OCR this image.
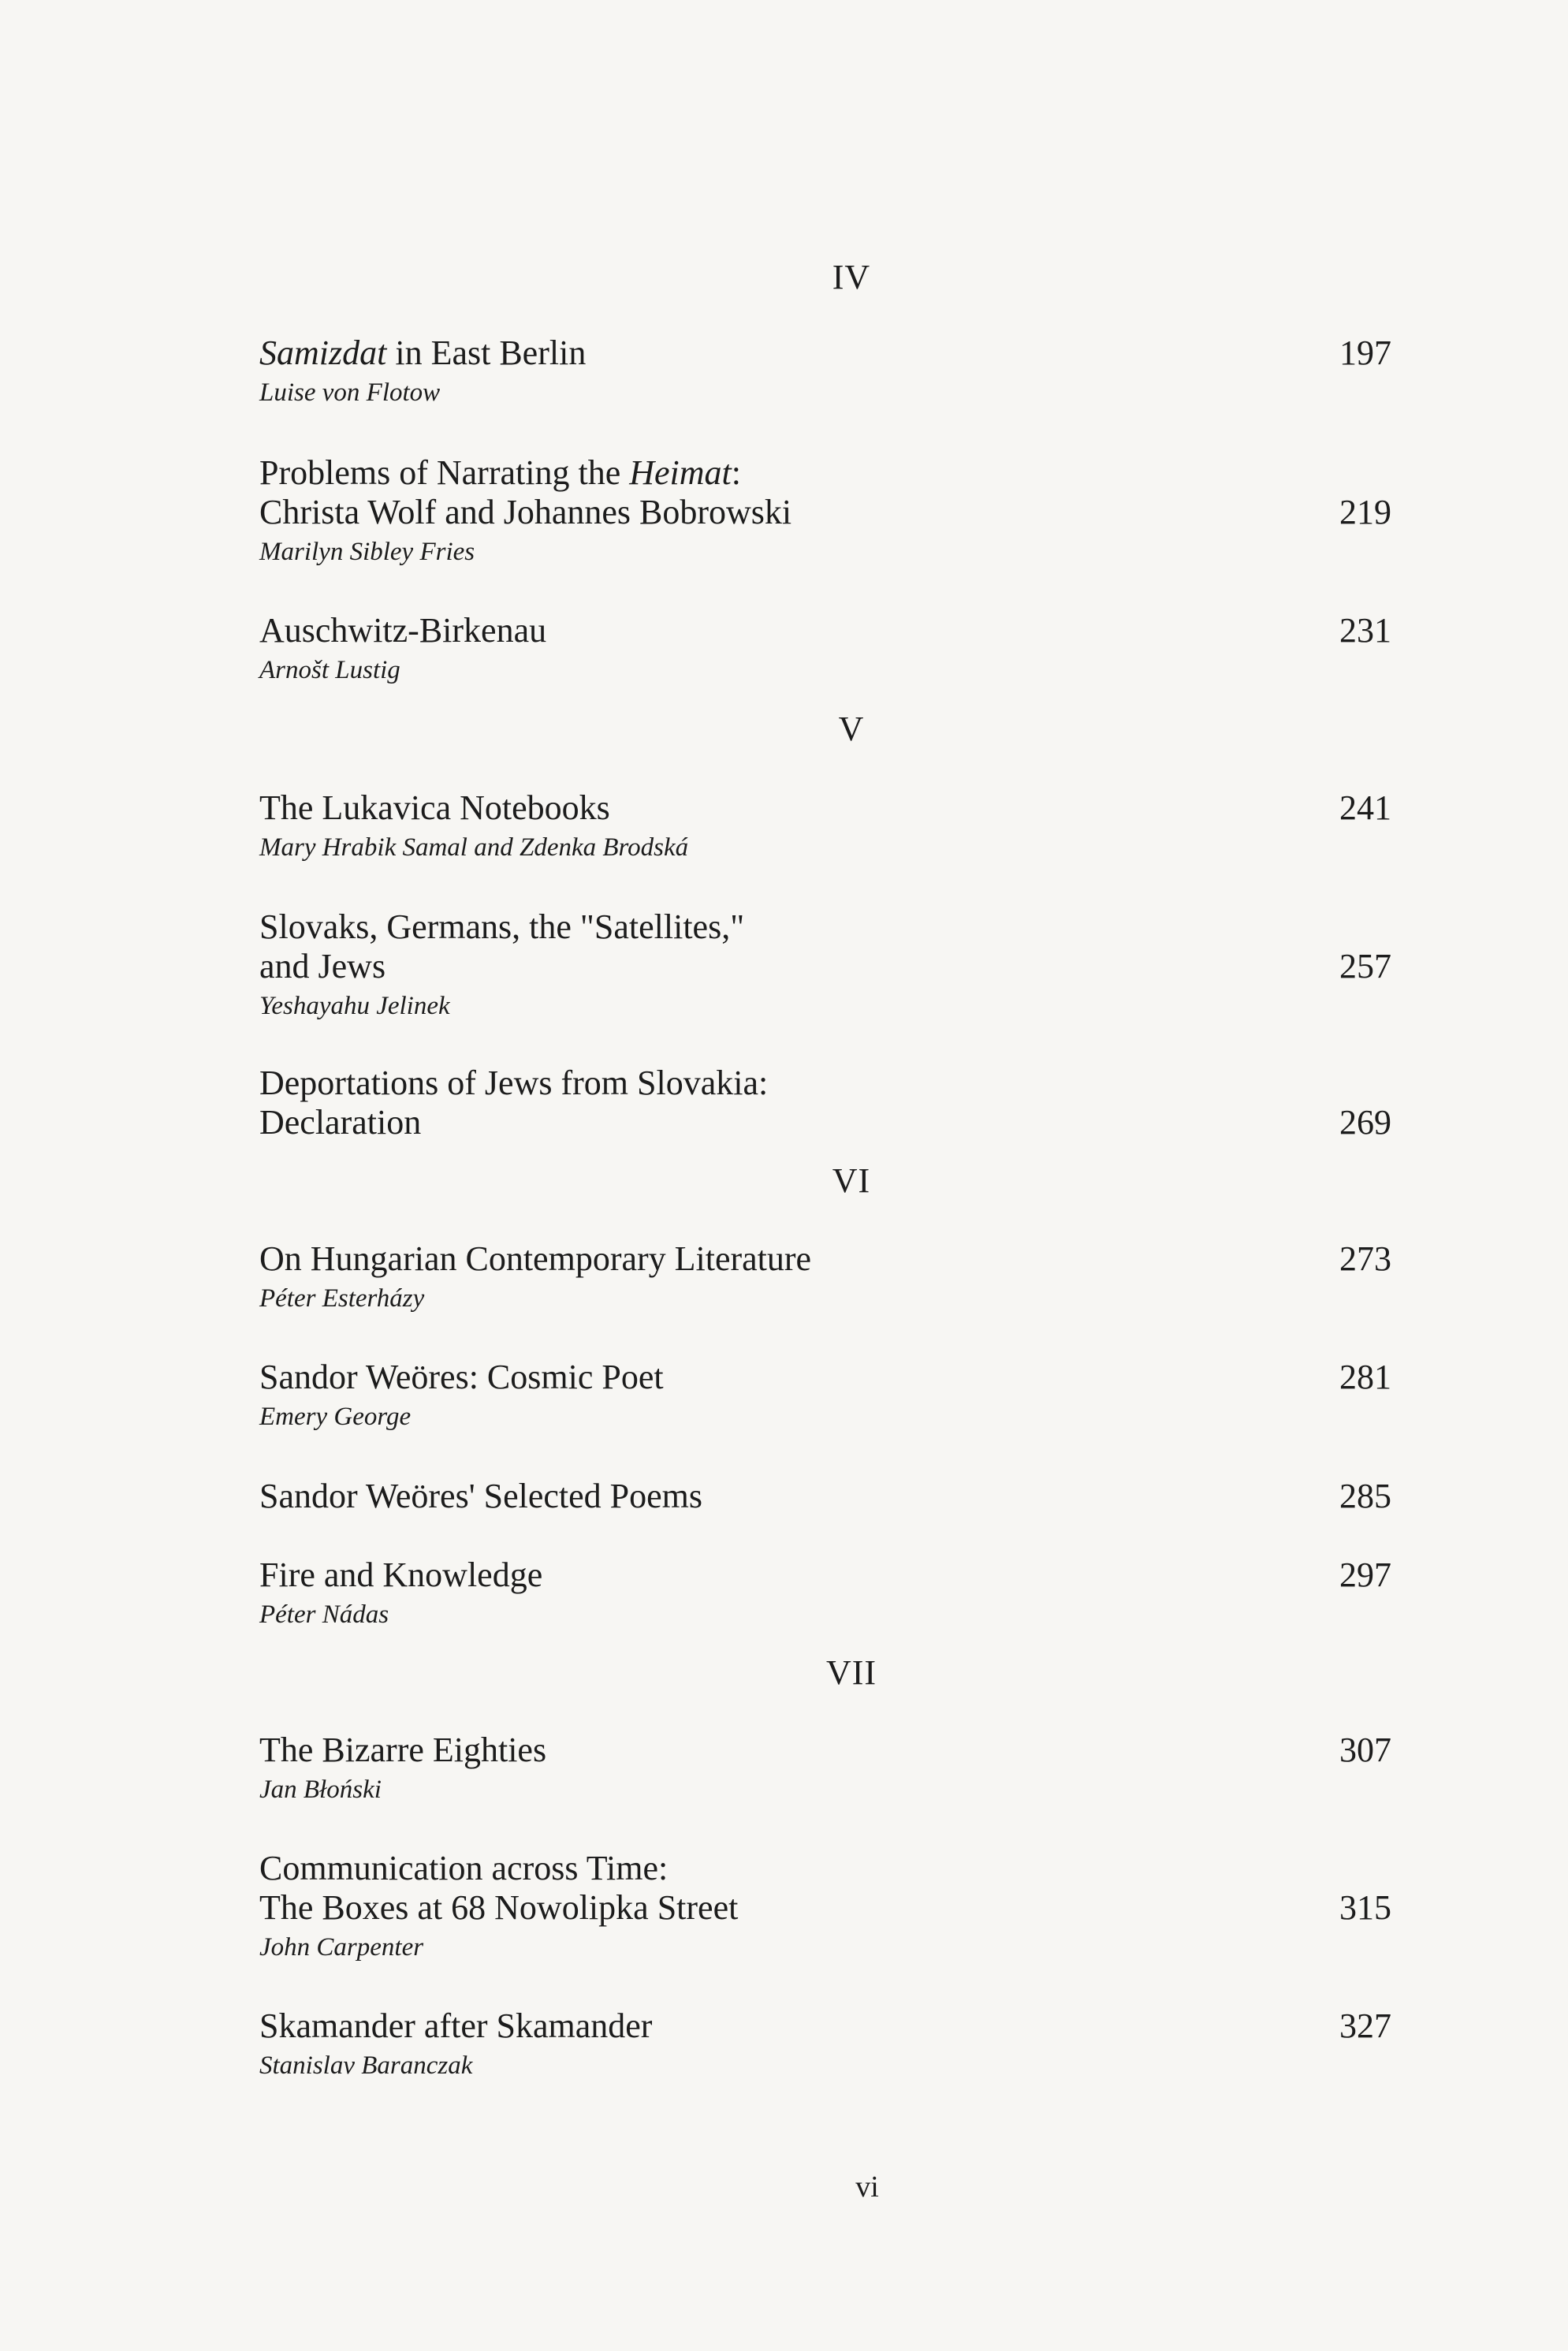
IV
Samizdat in East Berlin
Luise von Flotow
197
Problems of Narrating the Heimat:
Christa Wolf and Johannes Bobrowski
Marilyn Sibley Fries
219
Auschwitz-Birkenau
Arnošt Lustig
231
V
The Lukavica Notebooks
Mary Hrabik Samal and Zdenka Brodská
241
Slovaks, Germans, the "Satellites,"
and Jews
Yeshayahu Jelinek
257
Deportations of Jews from Slovakia:
Declaration	269
VI
On Hungarian Contemporary Literature
Péter Esterházy
273
Sandor Weöres: Cosmic Poet
Emery George
281
Sandor Weöres' Selected Poems	285
Fire and Knowledge
Péter Nádas
297
VII
The Bizarre Eighties
Jan Błoński
307
Communication across Time:
The Boxes at 68 Nowolipka Street
John Carpenter
315
Skamander after Skamander
Stanislav Baranczak
327
vi
